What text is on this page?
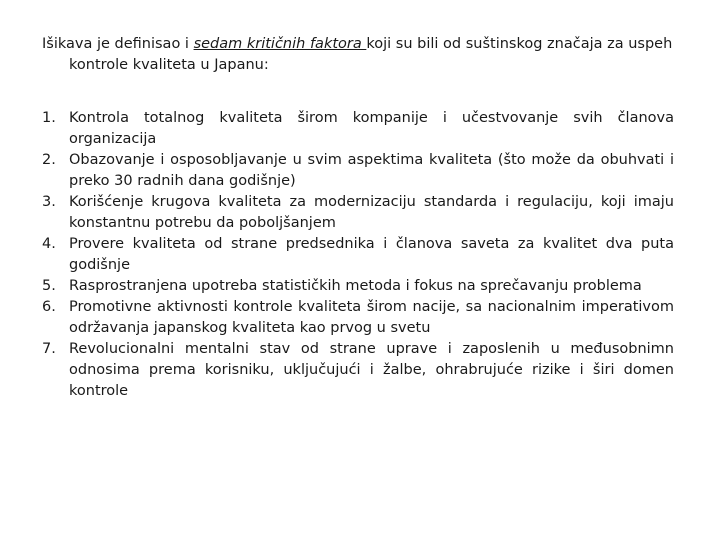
Išikava je definisao i sedam kritičnih faktora koji su bili od suštinskog značaja za uspeh kontrole kvaliteta u Japanu:

1. Kontrola totalnog kvaliteta širom kompanije i učestvovanje svih članova organizacija
2. Obazovanje i osposobljavanje u svim aspektima kvaliteta (što može da obuhvati i preko 30 radnih dana godišnje)
3. Korišćenje krugova kvaliteta za modernizaciju standarda i regulaciju, koji imaju konstantnu potrebu da poboljšanjem
4. Provere kvaliteta od strane predsednika i članova saveta za kvalitet dva puta godišnje
5. Rasprostranjena upotreba statističkih metoda i fokus na sprečavanju problema
6. Promotivne aktivnosti kontrole kvaliteta širom nacije, sa nacionalnim imperativom održavanja japanskog kvaliteta kao prvog u svetu
7. Revolucionalni mentalni stav od strane uprave i zaposlenih u međusobnimn odnosima prema korisniku, uključujući i žalbe, ohrabrujuće rizike i širi domen kontrole
